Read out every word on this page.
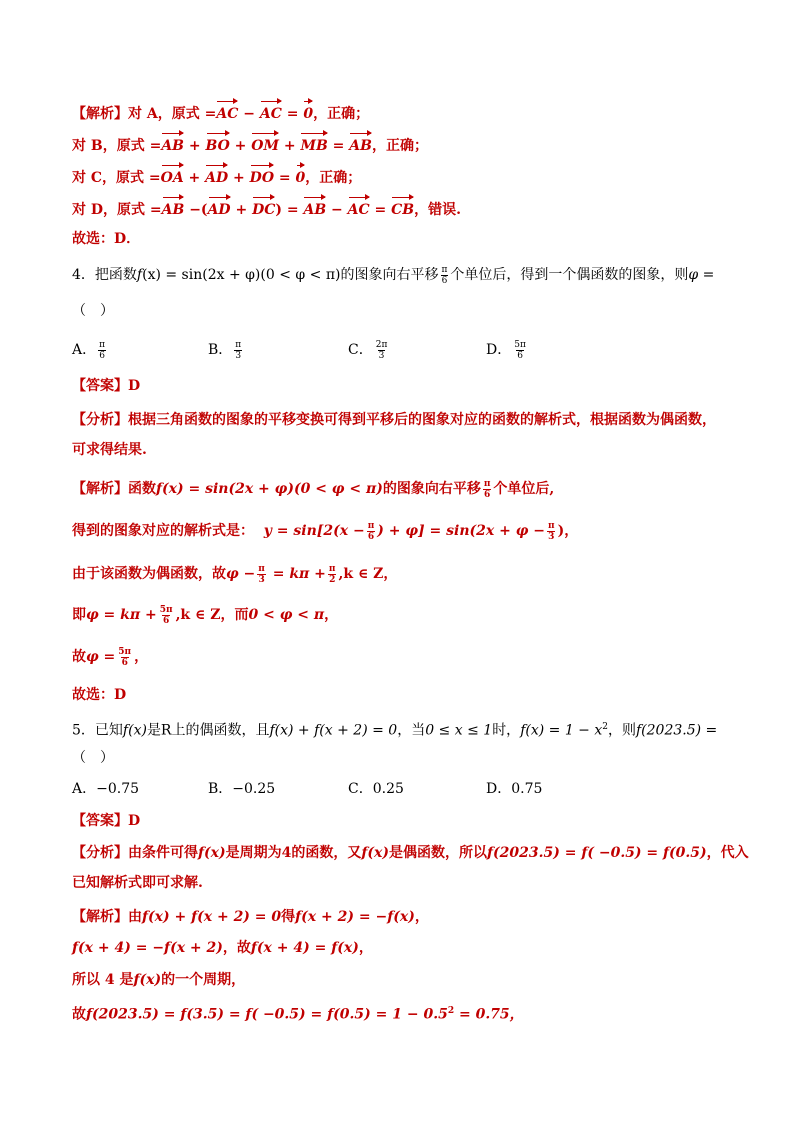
【解析】对 A，原式 =AC − AC = 0，正确；
对 B，原式 =AB + BO + OM + MB = AB，正确；
对 C，原式 =OA + AD + DO = 0，正确；
对 D，原式 =AB −(AD + DC) = AB − AC = CB，错误.
故选：D．
4．把函数f(x) = sin(2x + φ)(0 < φ < π)的图象向右平移 $\frac{\pi}{6}$ 个单位后，得到一个偶函数的图象，则φ =
（　）
A． $\frac{\pi}{6}$	B． $\frac{\pi}{3}$	C． $\frac{2\pi}{3}$	D． $\frac{5\pi}{6}$
【答案】D
【分析】根据三角函数的图象的平移变换可得到平移后的图象对应的函数的解析式，根据函数为偶函数，
可求得结果.
【解析】函数f(x) = sin(2x + φ)(0 < φ < π)的图象向右平移 $\frac{\pi}{6}$ 个单位后,
得到的图象对应的解析式是： $y = \sin[2(x - \frac{\pi}{6}$ ) + $\varphi] = \sin(2x + \varphi - \frac{\pi}{3}$ )，
由于该函数为偶函数，故$\varphi - \frac{\pi}{3} = k\pi + \frac{\pi}{2} ,k$ ∈ Z，
即$\varphi = k\pi + \frac{5\pi}{6} ,k$ ∈ Z，而0 < φ < π，
故$\varphi = \frac{5\pi}{6}$ ，
故选：D
5．已知f(x)是R上的偶函数，且f(x) + f(x + 2) = 0，当0 ≤ x ≤ 1时，$f(x) = 1 - x^2$，则f(2023.5) =
（　）
A．−0.75	B．−0.25	C．0.25	D．0.75
【答案】D
【分析】由条件可得f(x)是周期为4的函数，又f(x)是偶函数，所以f(2023.5) = f( −0.5) = f(0.5)，代入
已知解析式即可求解.
【解析】由f(x) + f(x + 2) = 0得f(x + 2) = −f(x)，
f(x + 4) = −f(x + 2)，故f(x + 4) = f(x)，
所以 4 是f(x)的一个周期，
故$f(2023.5) = f(3.5) = f( -0.5) = f(0.5) = 1 - 0.5^2 = 0.75$，
